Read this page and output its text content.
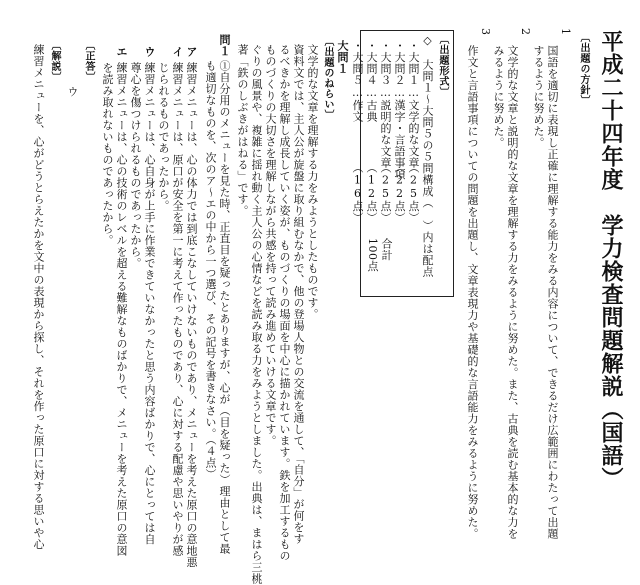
平成二十四年度　学力検査問題解説（国語）
〔出題の方針〕
1
国語を適切に表現し正確に理解する能力をみる内容について、できるだけ広範囲にわたって出題
するように努めた。
2
文学的な文章と説明的な文章を理解する力をみるように努めた。また、古典を読む基本的な力を
みるように努めた。
3
作文と言語事項についての問題を出題し、文章表現力や基礎的な言語能力をみるように努めた。
〔出題形式〕
◇　大問１～大問５の５問構成（　）内は配点
・大問１…文学的な文章
（25点）
・大問２…漢字・言語事項
（22点）
・大問３…説明的な文章
（25点）
・大問４…古典
（12点）
・大問５…作文
（16点）
合計
100点
大問１
〔出題のねらい〕
文学的な文章を理解する力をみようとしたものです。
資料文では、主人公が旋盤に取り組むなかで、他の登場人物との交流を通して、「自分」が何をす
るべきかを理解し成長していく姿が、ものづくりの場面を中心に描かれています。鉄を加工するもの
ものづくりの大切さを理解しながら共感を持って読み進めていける文章です。
ぐりの風景や、複雑に揺れ動く主人公の心情などを読み取る力をみようとしました。出典は、まはら三桃
著「鉄のしぶきがはねる」です。
問１
①自分用のメニューを見た時、正直目を疑ったとありますが、心が（目を疑った）理由として最
も適切なものを、次のア～エの中から一つ選び、その記号を書きなさい。（４点）
ア
練習メニューは、心の体力では到底こなしていけないものであり、メニューを考えた原口の意地悪
イ
練習メニューは、原口が安全を第一に考えて作ったものであり、心に対する配慮や思いやりが感
じられるものであったから。
ウ
練習メニューは、心自身が上手に作業できていなかったと思う内容ばかりで、心にとっては自
尊心を傷つけられるものであったから。
エ
練習メニューは、心の技術のレベルを超える難解なものばかりで、メニューを考えた原口の意図
を読み取れないものであったから。
〔正答〕
ウ
〔解説〕
練習メニューを、心がどうとらえたかを文中の表現から探し、それを作った原口に対する思いや心
